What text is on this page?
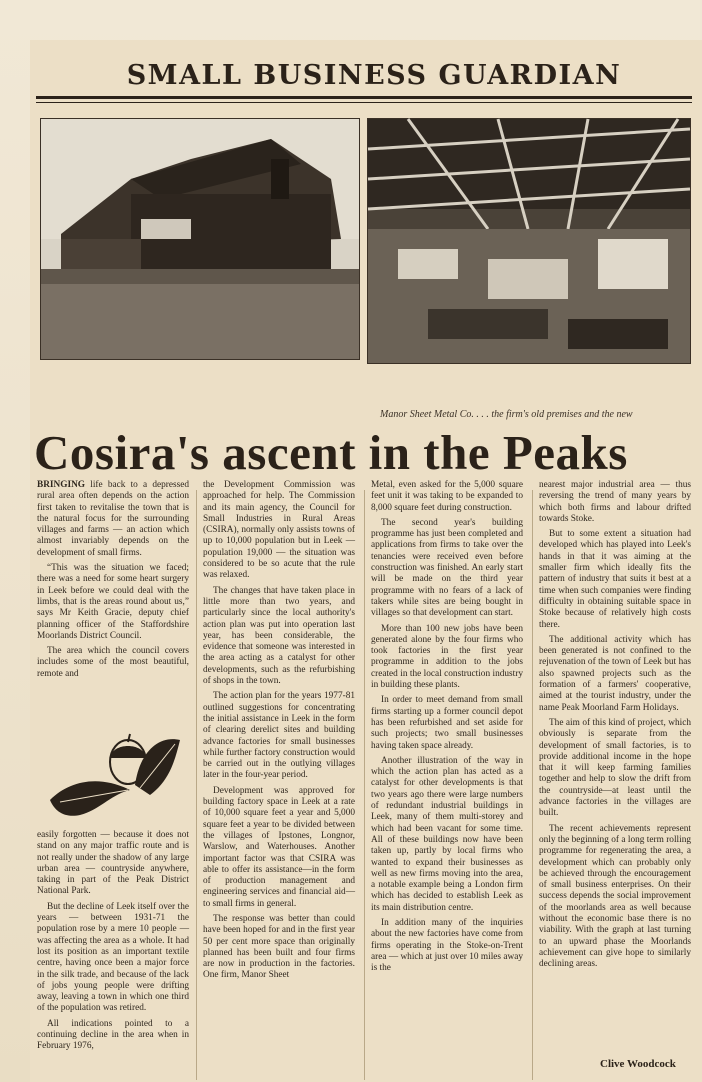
SMALL BUSINESS GUARDIAN
Manor Sheet Metal Co. . . . the firm's old premises and the new
Cosira's ascent in the Peaks

BRINGING life back to a depressed rural area often depends on the action first taken to revitalise the town that is the natural focus for the surrounding villages and farms — an action which almost invariably depends on the development of small firms.

“This was the situation we faced; there was a need for some heart surgery in Leek before we could deal with the limbs, that is the areas round about us,” says Mr Keith Gracie, deputy chief planning officer of the Staffordshire Moorlands District Council.

The area which the council covers includes some of the most beautiful, remote and

easily forgotten — because it does not stand on any major traffic route and is not really under the shadow of any large urban area — countryside anywhere, taking in part of the Peak District National Park.

But the decline of Leek itself over the years — between 1931-71 the population rose by a mere 10 people — was affecting the area as a whole. It had lost its position as an important textile centre, having once been a major force in the silk trade, and because of the lack of jobs young people were drifting away, leaving a town in which one third of the population was retired.

All indications pointed to a continuing decline in the area when in February 1976,

the Development Commission was approached for help. The Commission and its main agency, the Council for Small Industries in Rural Areas (CSIRA), normally only assists towns of up to 10,000 population but in Leek — population 19,000 — the situation was considered to be so acute that the rule was relaxed.

The changes that have taken place in little more than two years, and particularly since the local authority's action plan was put into operation last year, has been considerable, the evidence that someone was interested in the area acting as a catalyst for other developments, such as the refurbishing of shops in the town.

The action plan for the years 1977-81 outlined suggestions for concentrating the initial assistance in Leek in the form of clearing derelict sites and building advance factories for small businesses while further factory construction would be carried out in the outlying villages later in the four-year period.

Development was approved for building factory space in Leek at a rate of 10,000 square feet a year and 5,000 square feet a year to be divided between the villages of Ipstones, Longnor, Warslow, and Waterhouses. Another important factor was that CSIRA was able to offer its assistance—in the form of production management and engineering services and financial aid—to small firms in general.

The response was better than could have been hoped for and in the first year 50 per cent more space than originally planned has been built and four firms are now in production in the factories. One firm, Manor Sheet

Metal, even asked for the 5,000 square feet unit it was taking to be expanded to 8,000 square feet during construction.

The second year's building programme has just been completed and applications from firms to take over the tenancies were received even before construction was finished. An early start will be made on the third year programme with no fears of a lack of takers while sites are being bought in villages so that development can start.

More than 100 new jobs have been generated alone by the four firms who took factories in the first year programme in addition to the jobs created in the local construction industry in building these plants.

In order to meet demand from small firms starting up a former council depot has been refurbished and set aside for such projects; two small businesses having taken space already.

Another illustration of the way in which the action plan has acted as a catalyst for other developments is that two years ago there were large numbers of redundant industrial buildings in Leek, many of them multi-storey and which had been vacant for some time. All of these buildings now have been taken up, partly by local firms who wanted to expand their businesses as well as new firms moving into the area, a notable example being a London firm which has decided to establish Leek as its main distribution centre.

In addition many of the inquiries about the new factories have come from firms operating in the Stoke-on-Trent area — which at just over 10 miles away is the

nearest major industrial area — thus reversing the trend of many years by which both firms and labour drifted towards Stoke.

But to some extent a situation had developed which has played into Leek's hands in that it was aiming at the smaller firm which ideally fits the pattern of industry that suits it best at a time when such companies were finding difficulty in obtaining suitable space in Stoke because of relatively high costs there.

The additional activity which has been generated is not confined to the rejuvenation of the town of Leek but has also spawned projects such as the formation of a farmers' cooperative, aimed at the tourist industry, under the name Peak Moorland Farm Holidays.

The aim of this kind of project, which obviously is separate from the development of small factories, is to provide additional income in the hope that it will keep farming families together and help to slow the drift from the countryside—at least until the advance factories in the villages are built.

The recent achievements represent only the beginning of a long term rolling programme for regenerating the area, a development which can probably only be achieved through the encouragement of small business enterprises. On their success depends the social improvement of the moorlands area as well because without the economic base there is no viability. With the graph at last turning to an upward phase the Moorlands achievement can give hope to similarly declining areas.

Clive Woodcock
